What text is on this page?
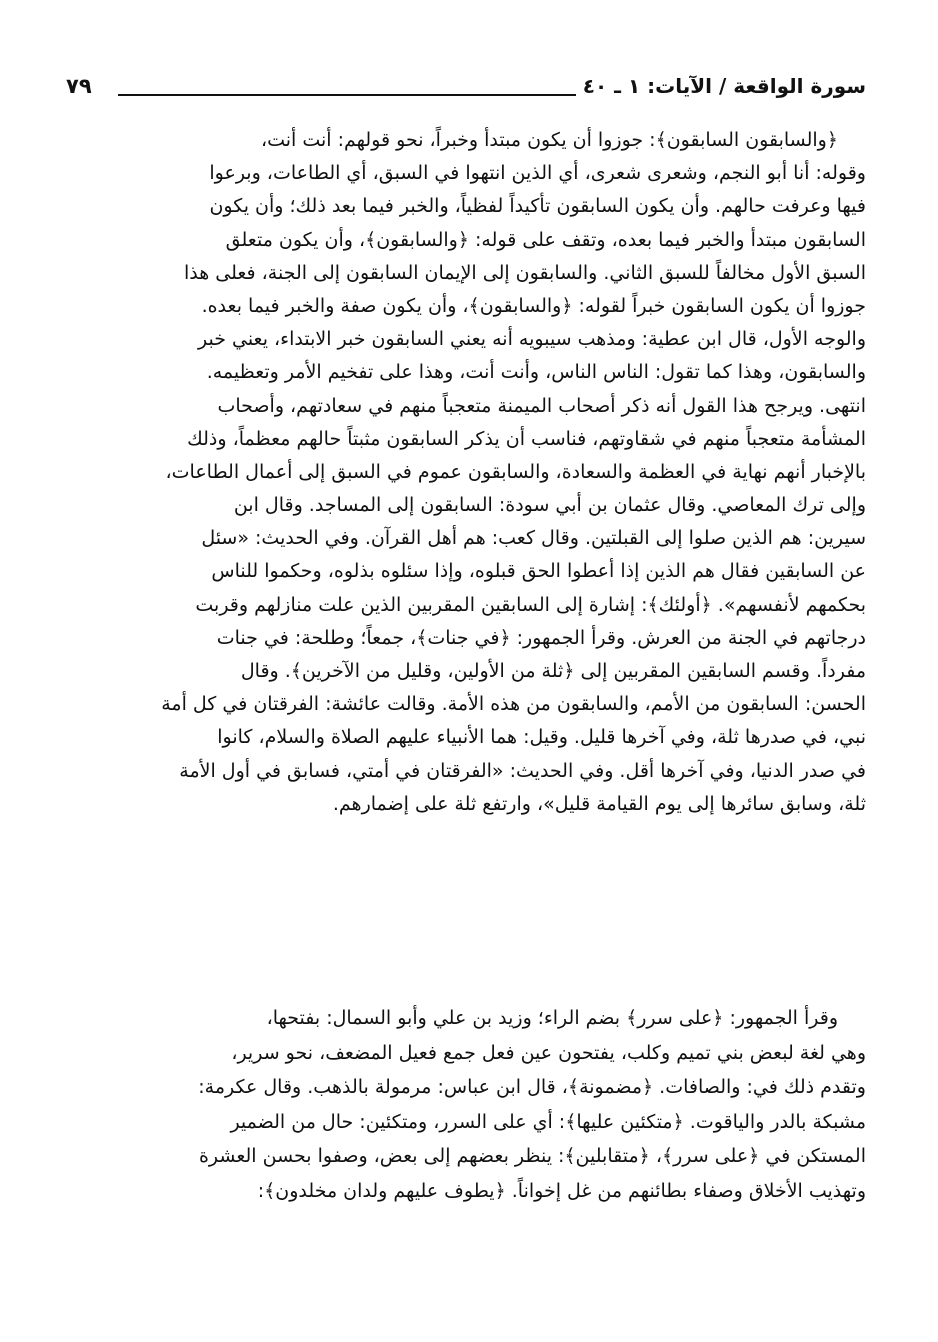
سورة الواقعة / الآيات: ١ ـ ٤٠
٧٩
﴿والسابقون السابقون﴾: جوزوا أن يكون مبتدأ وخبراً، نحو قولهم: أنت أنت،
وقوله: أنا أبو النجم، وشعرى شعرى، أي الذين انتهوا في السبق، أي الطاعات، وبرعوا
فيها وعرفت حالهم. وأن يكون السابقون تأكيداً لفظياً، والخبر فيما بعد ذلك؛ وأن يكون
السابقون مبتدأ والخبر فيما بعده، وتقف على قوله: ﴿والسابقون﴾، وأن يكون متعلق
السبق الأول مخالفاً للسبق الثاني. والسابقون إلى الإيمان السابقون إلى الجنة، فعلى هذا
جوزوا أن يكون السابقون خبراً لقوله: ﴿والسابقون﴾، وأن يكون صفة والخبر فيما بعده.
والوجه الأول، قال ابن عطية: ومذهب سيبويه أنه يعني السابقون خبر الابتداء، يعني خبر
والسابقون، وهذا كما تقول: الناس الناس، وأنت أنت، وهذا على تفخيم الأمر وتعظيمه.
انتهى. ويرجح هذا القول أنه ذكر أصحاب الميمنة متعجباً منهم في سعادتهم، وأصحاب
المشأمة متعجباً منهم في شقاوتهم، فناسب أن يذكر السابقون مثبتاً حالهم معظماً، وذلك
بالإخبار أنهم نهاية في العظمة والسعادة، والسابقون عموم في السبق إلى أعمال الطاعات،
وإلى ترك المعاصي. وقال عثمان بن أبي سودة: السابقون إلى المساجد. وقال ابن
سيرين: هم الذين صلوا إلى القبلتين. وقال كعب: هم أهل القرآن. وفي الحديث: «سئل
عن السابقين فقال هم الذين إذا أعطوا الحق قبلوه، وإذا سئلوه بذلوه، وحكموا للناس
بحكمهم لأنفسهم». ﴿أولئك﴾: إشارة إلى السابقين المقربين الذين علت منازلهم وقربت
درجاتهم في الجنة من العرش. وقرأ الجمهور: ﴿في جنات﴾، جمعاً؛ وطلحة: في جنات
مفرداً. وقسم السابقين المقربين إلى ﴿ثلة من الأولين، وقليل من الآخرين﴾. وقال
الحسن: السابقون من الأمم، والسابقون من هذه الأمة. وقالت عائشة: الفرقتان في كل أمة
نبي، في صدرها ثلة، وفي آخرها قليل. وقيل: هما الأنبياء عليهم الصلاة والسلام، كانوا
في صدر الدنيا، وفي آخرها أقل. وفي الحديث: «الفرقتان في أمتي، فسابق في أول الأمة
ثلة، وسابق سائرها إلى يوم القيامة قليل»، وارتفع ثلة على إضمارهم.
وقرأ الجمهور: ﴿على سرر﴾ بضم الراء؛ وزيد بن علي وأبو السمال: بفتحها،
وهي لغة لبعض بني تميم وكلب، يفتحون عين فعل جمع فعيل المضعف، نحو سرير،
وتقدم ذلك في: والصافات. ﴿مضمونة﴾، قال ابن عباس: مرمولة بالذهب. وقال عكرمة:
مشبكة بالدر والياقوت. ﴿متكئين عليها﴾: أي على السرر، ومتكئين: حال من الضمير
المستكن في ﴿على سرر﴾، ﴿متقابلين﴾: ينظر بعضهم إلى بعض، وصفوا بحسن العشرة
وتهذيب الأخلاق وصفاء بطائنهم من غل إخواناً. ﴿يطوف عليهم ولدان مخلدون﴾:
